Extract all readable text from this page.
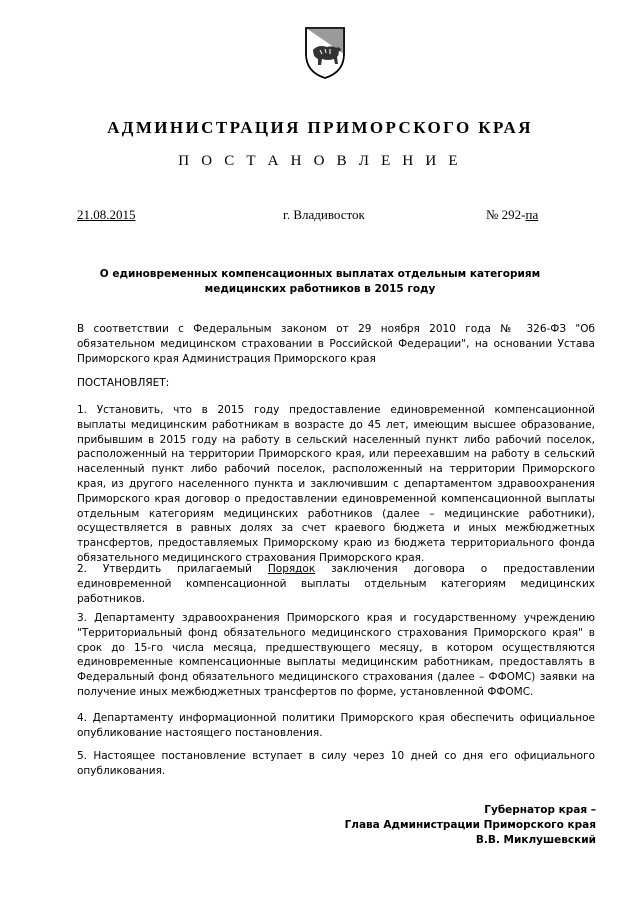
АДМИНИСТРАЦИЯ ПРИМОРСКОГО КРАЯ
П О С Т А Н О В Л Е Н И Е
21.08.2015	г. Владивосток	№ 292-па
О единовременных компенсационных выплатах отдельным категориям
медицинских работников в 2015 году
В соответствии с Федеральным законом от 29 ноября 2010 года № 326-ФЗ "Об обязательном медицинском страховании в Российской Федерации", на основании Устава Приморского края Администрация Приморского края
ПОСТАНОВЛЯЕТ:
1. Установить, что в 2015 году предоставление единовременной компенсационной выплаты медицинским работникам в возрасте до 45 лет, имеющим высшее образование, прибывшим в 2015 году на работу в сельский населенный пункт либо рабочий поселок, расположенный на территории Приморского края, или переехавшим на работу в сельский населенный пункт либо рабочий поселок, расположенный на территории Приморского края, из другого населенного пункта и заключившим с департаментом здравоохранения Приморского края договор о предоставлении единовременной компенсационной выплаты отдельным категориям медицинских работников (далее – медицинские работники), осуществляется в равных долях за счет краевого бюджета и иных межбюджетных трансфертов, предоставляемых Приморскому краю из бюджета территориального фонда обязательного медицинского страхования Приморского края.
2. Утвердить прилагаемый Порядок заключения договора о предоставлении единовременной компенсационной выплаты отдельным категориям медицинских работников.
3. Департаменту здравоохранения Приморского края и государственному учреждению "Территориальный фонд обязательного медицинского страхования Приморского края" в срок до 15-го числа месяца, предшествующего месяцу, в котором осуществляются единовременные компенсационные выплаты медицинским работникам, предоставлять в Федеральный фонд обязательного медицинского страхования (далее – ФФОМС) заявки на получение иных межбюджетных трансфертов по форме, установленной ФФОМС.
4. Департаменту информационной политики Приморского края обеспечить официальное опубликование настоящего постановления.
5. Настоящее постановление вступает в силу через 10 дней со дня его официального опубликования.
Губернатор края –
Глава Администрации Приморского края
В.В. Миклушевский
